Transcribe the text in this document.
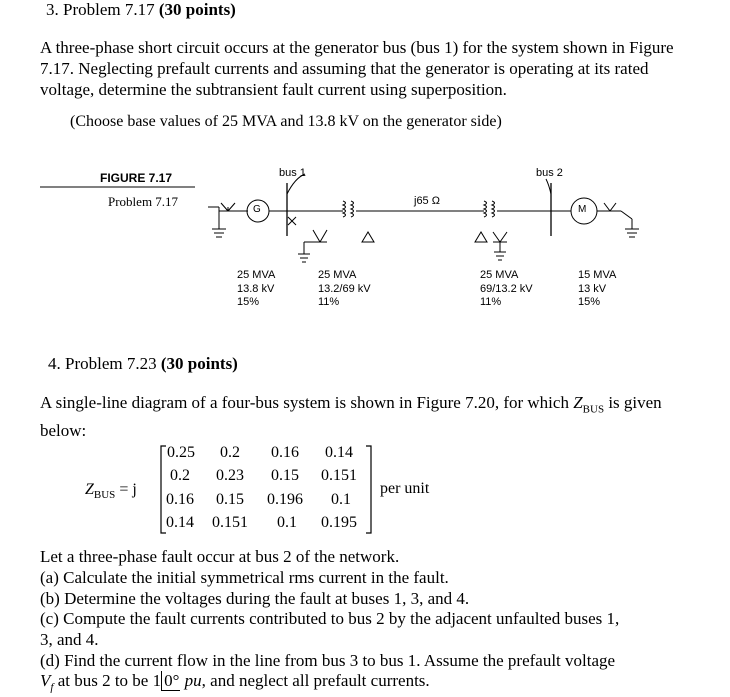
3. Problem 7.17 (30 points)
A three-phase short circuit occurs at the generator bus (bus 1) for the system shown in Figure 7.17. Neglecting prefault currents and assuming that the generator is operating at its rated voltage, determine the subtransient fault current using superposition.
(Choose base values of 25 MVA and 13.8 kV on the generator side)
FIGURE 7.17
Problem 7.17
bus 1	bus 2
j65 Ω
G	M
25 MVA
13.8 kV
15%
25 MVA
13.2/69 kV
11%
25 MVA
69/13.2 kV
11%
15 MVA
13 kV
15%
4. Problem 7.23 (30 points)
A single-line diagram of a four-bus system is shown in Figure 7.20, for which $Z_{BUS}$ is given below:
$Z_{BUS} = j$
0.25 0.2 0.16 0.14
0.2 0.23 0.15 0.151
0.16 0.15 0.196 0.1
0.14 0.151 0.1 0.195
per unit
Let a three-phase fault occur at bus 2 of the network.
(a) Calculate the initial symmetrical rms current in the fault.
(b) Determine the voltages during the fault at buses 1, 3, and 4.
(c) Compute the fault currents contributed to bus 2 by the adjacent unfaulted buses 1,
3, and 4.
(d) Find the current flow in the line from bus 3 to bus 1. Assume the prefault voltage
$V_f$ at bus 2 to be 1 0° pu, and neglect all prefault currents.
